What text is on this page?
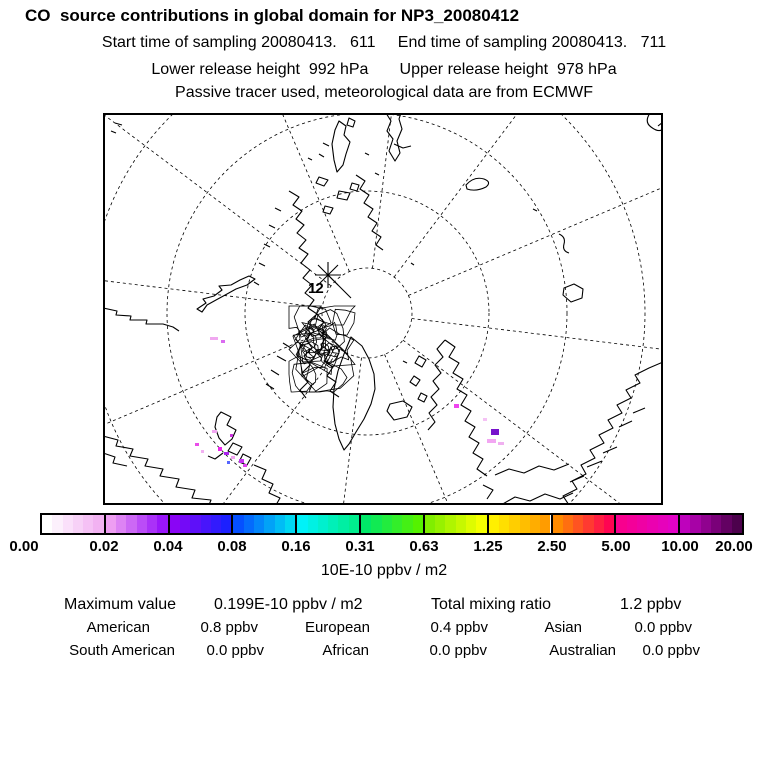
CO  source contributions in global domain for NP3_20080412
Start time of sampling 20080413.   611     End time of sampling 20080413.   711
Lower release height  992 hPa       Upper release height  978 hPa
Passive tracer used, meteorological data are from ECMWF
12
0.00	0.02 0.04 0.08 0.16 0.31 0.63 1.25 2.50 5.00 10.00 20.00
10E-10 ppbv / m2
Maximum value 0.199E-10 ppbv / m2	Total mixing ratio	1.2 ppbv
American	0.8 ppbv	European	0.4 ppbv	Asian	0.0 ppbv
South American	0.0 ppbv	African	0.0 ppbv	Australian	0.0 ppbv
